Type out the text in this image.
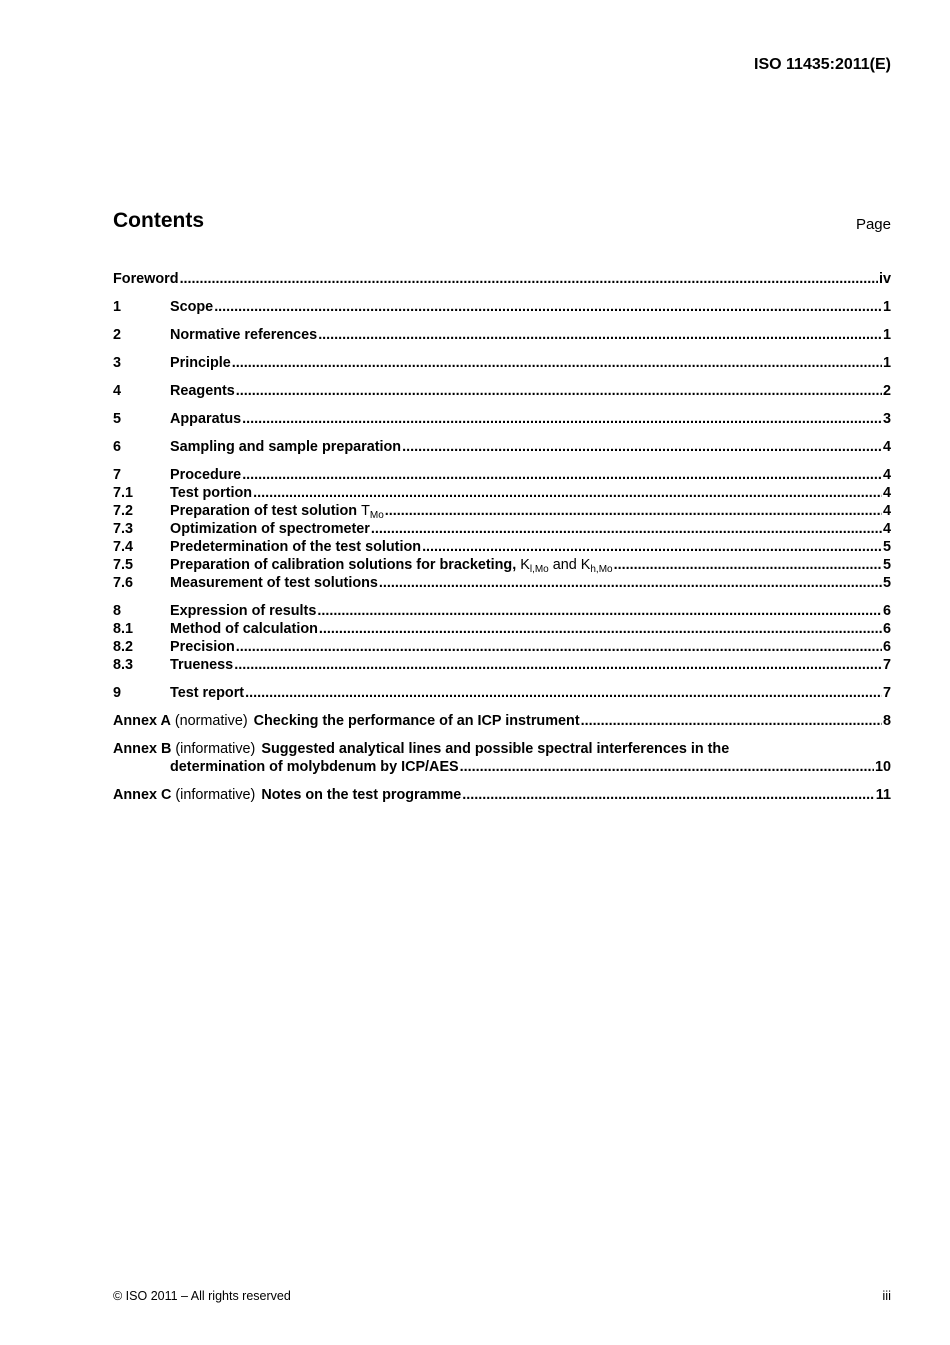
ISO 11435:2011(E)
Contents	Page
Foreword .....	iv
1	Scope .....	1
2	Normative references .....	1
3	Principle .....	1
4	Reagents .....	2
5	Apparatus .....	3
6	Sampling and sample preparation .....	4
7	Procedure .....	4
7.1	Test portion .....	4
7.2	Preparation of test solution $T_{Mo}$ .....	4
7.3	Optimization of spectrometer .....	4
7.4	Predetermination of the test solution .....	5
7.5	Preparation of calibration solutions for bracketing, $K_{l,Mo}$ and $K_{h,Mo}$ .....	5
7.6	Measurement of test solutions .....	5
8	Expression of results .....	6
8.1	Method of calculation .....	6
8.2	Precision .....	6
8.3	Trueness .....	7
9	Test report .....	7
Annex A
(normative) Checking the performance of an ICP instrument .....	8
Annex B
(informative) Suggested analytical lines and possible spectral interferences in the
determination of molybdenum by ICP/AES .....	10
Annex C
(informative) Notes on the test programme .....	11
© ISO 2011 – All rights reserved	iii
